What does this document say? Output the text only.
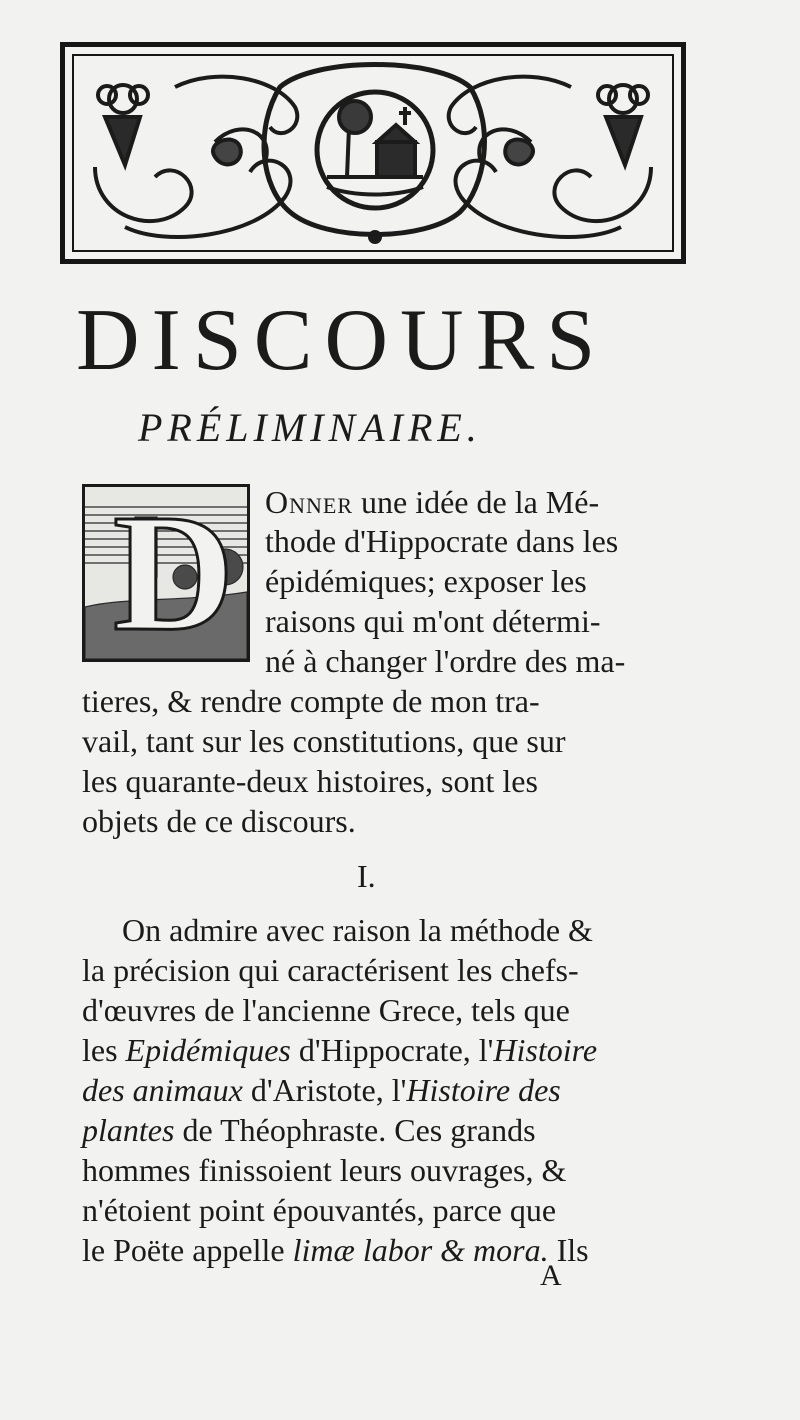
DISCOURS
PRÉLIMINAIRE.
D Onner une idée de la Mé-
thode d'Hippocrate dans les
épidémiques; exposer les
raisons qui m'ont détermi-
né à changer l'ordre des ma-
tieres, & rendre compte de mon tra-
vail, tant sur les constitutions, que sur
les quarante-deux histoires, sont les
objets de ce discours.
I.
On admire avec raison la méthode &
la précision qui caractérisent les chefs-
d'œuvres de l'ancienne Grece, tels que
les Epidémiques d'Hippocrate, l'Histoire
des animaux d'Aristote, l'Histoire des
plantes de Théophraste. Ces grands
hommes finissoient leurs ouvrages, &
n'étoient point épouvantés, parce que
le Poëte appelle limæ labor & mora. Ils
A
